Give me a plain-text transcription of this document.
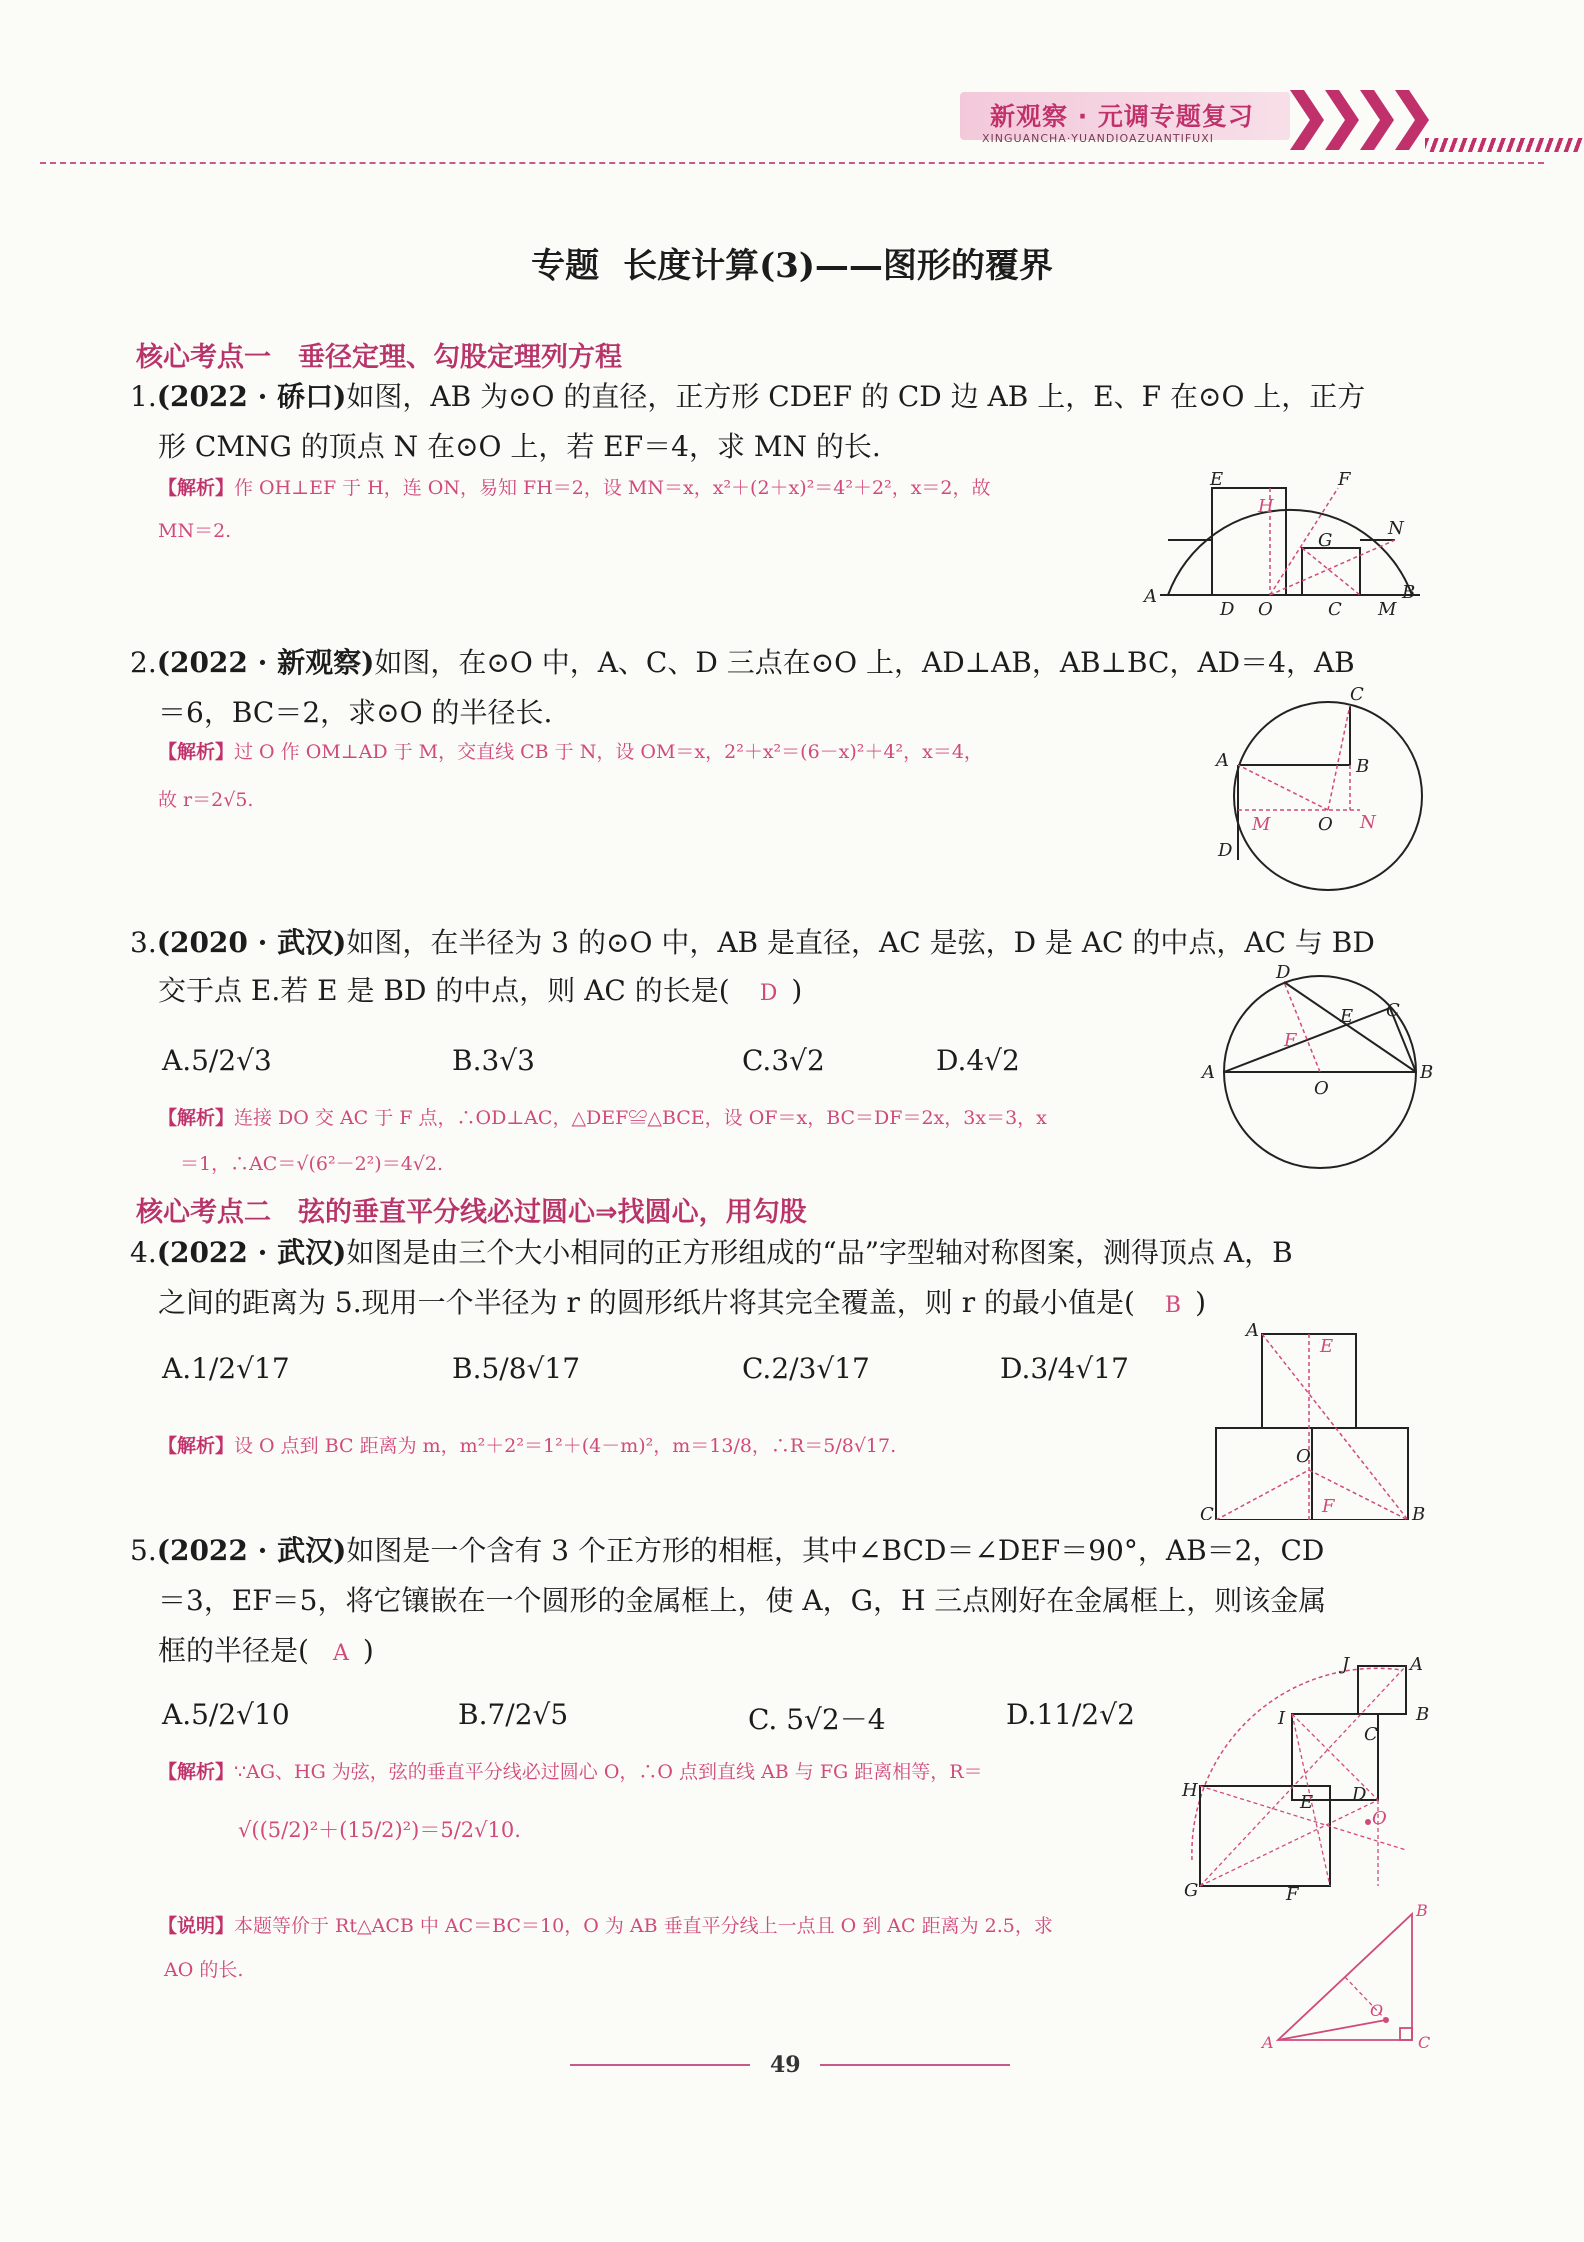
新观察 · 元调专题复习
XINGUANCHA·YUANDIOAZUANTIFUXI
专题 长度计算(3)——图形的覆界
核心考点一　垂径定理、勾股定理列方程
1.(2022 · 硚口)如图，AB 为⊙O 的直径，正方形 CDEF 的 CD 边 AB 上，E、F 在⊙O 上，正方
形 CMNG 的顶点 N 在⊙O 上，若 EF＝4，求 MN 的长.
【解析】作 OH⊥EF 于 H，连 ON，易知 FH＝2，设 MN＝x，x²＋(2＋x)²＝4²＋2²，x＝2，故
MN＝2.
E	F
H
G
N
A
D O	C M
B
2.(2022 · 新观察)如图，在⊙O 中，A、C、D 三点在⊙O 上，AD⊥AB，AB⊥BC，AD＝4，AB
＝6，BC＝2，求⊙O 的半径长.
【解析】过 O 作 OM⊥AD 于 M，交直线 CB 于 N，设 OM＝x，2²＋x²＝(6－x)²＋4²，x＝4，
故 r＝2√5.
C
A	B
M	O N
D
3.(2020 · 武汉)如图，在半径为 3 的⊙O 中，AB 是直径，AC 是弦，D 是 AC 的中点，AC 与 BD
交于点 E.若 E 是 BD 的中点，则 AC 的长是( D )
A.5/2√3	B.3√3	C.3√2	D.4√2
【解析】连接 DO 交 AC 于 F 点，∴OD⊥AC，△DEF≌△BCE，设 OF＝x，BC＝DF＝2x，3x＝3，x
＝1，∴AC＝√(6²－2²)＝4√2.
D
C
E
F
A
O
B
核心考点二　弦的垂直平分线必过圆心⇒找圆心，用勾股
4.(2022 · 武汉)如图是由三个大小相同的正方形组成的“品”字型轴对称图案，测得顶点 A，B
之间的距离为 5.现用一个半径为 r 的圆形纸片将其完全覆盖，则 r 的最小值是( B )
A.1/2√17	B.5/8√17	C.2/3√17	D.3/4√17
【解析】设 O 点到 BC 距离为 m，m²＋2²＝1²＋(4－m)²，m＝13/8，∴R＝5/8√17.
A
E
O
C	F	B
5.(2022 · 武汉)如图是一个含有 3 个正方形的相框，其中∠BCD＝∠DEF＝90°，AB＝2，CD
＝3，EF＝5，将它镶嵌在一个圆形的金属框上，使 A，G，H 三点刚好在金属框上，则该金属
框的半径是( A )
A.5/2√10	B.7/2√5	C. 5√2－4	D.11/2√2
【解析】∵AG、HG 为弦，弦的垂直平分线必过圆心 O，∴O 点到直线 AB 与 FG 距离相等，R＝
√((5/2)²＋(15/2)²)＝5/2√10.
【说明】本题等价于 Rt△ACB 中 AC＝BC＝10，O 为 AB 垂直平分线上一点且 O 到 AC 距离为 2.5，求
AO 的长.
J	A
B
I
C
H
E D
O
G	F
B
O
A	C
49
